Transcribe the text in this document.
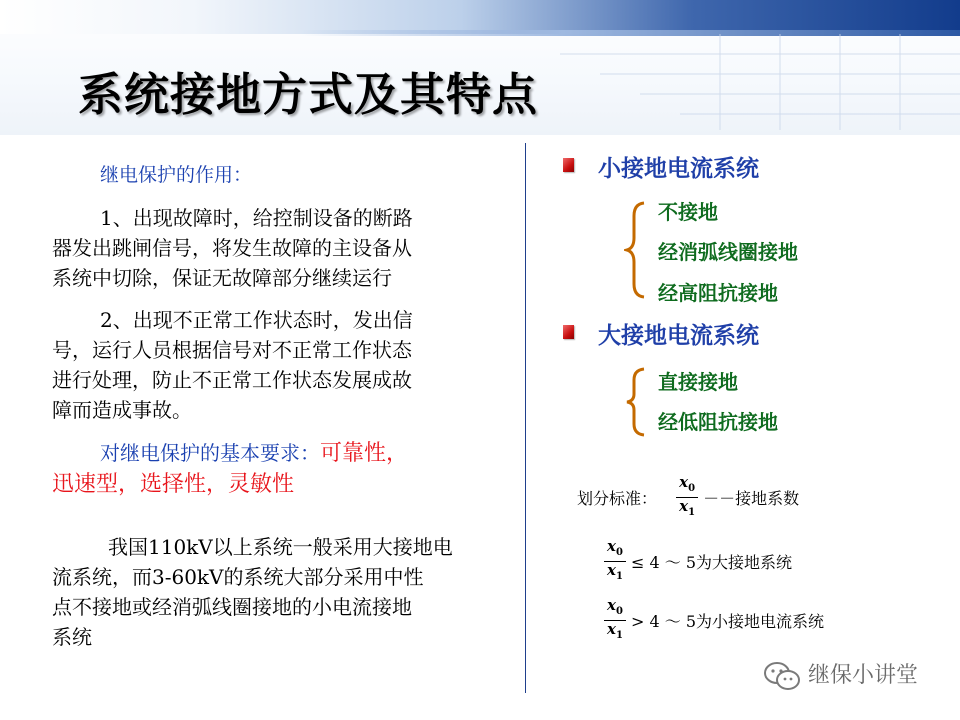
系统接地方式及其特点
继电保护的作用：
1、出现故障时，给控制设备的断路
器发出跳闸信号，将发生故障的主设备从
系统中切除，保证无故障部分继续运行
2、出现不正常工作状态时，发出信
号，运行人员根据信号对不正常工作状态
进行处理，防止不正常工作状态发展成故
障而造成事故。
对继电保护的基本要求：可靠性，
迅速型，选择性，灵敏性
我国110kV以上系统一般采用大接地电
流系统，而3-60kV的系统大部分采用中性
点不接地或经消弧线圈接地的小电流接地
系统
小接地电流系统
不接地
经消弧线圈接地
经高阻抗接地
大接地电流系统
直接接地
经低阻抗接地
划分标准： $\frac{x_0}{x_1}$ －－接地系数
$\frac{x_0}{x_1} \le 4$ ～ 5为大接地系统
$\frac{x_0}{x_1} > 4$ ～ 5为小接地电流系统
继保小讲堂
